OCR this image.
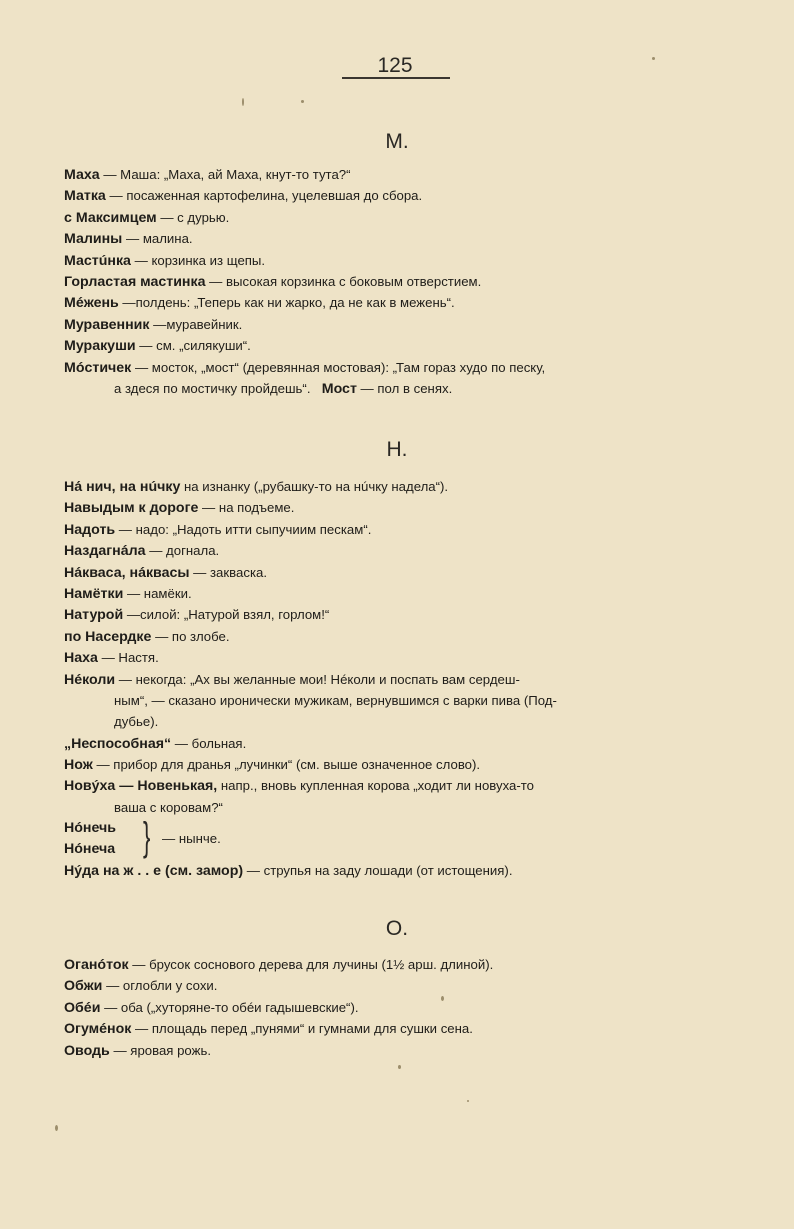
125
М.
Маха — Маша: „Маха, ай Маха, кнут-то тута?“
Матка — посаженная картофелина, уцелевшая до сбора.
с Максимцем — с дурью.
Малины — малина.
Мастúнка — корзинка из щепы.
Горластая мастинка — высокая корзинка с боковым отверстием.
Мéжень —полдень: „Теперь как ни жарко, да не как в межень“.
Муравенник —муравейник.
Муракуши — см. „силякуши“.
Мóстичек — мосток, „мост“ (деревянная мостовая): „Там гораз худо по песку,
а здеся по мостичку пройдешь“. Мост — пол в сенях.
Н.
На́ нич, на нúчку на изнанку („рубашку-то на нúчку надела“).
Навыдым к дороге — на подъеме.
Надоть — надо: „Надоть итти сыпучиим пескам“.
Наздагнáла — догнала.
Нáкваса, нáквасы — закваска.
Намётки — намёки.
Натурой —силой: „Натурой взял, горлом!“
по Насердке — по злобе.
Наха — Настя.
Нéколи — некогда: „Ах вы желанные мои! Нéколи и поспать вам сердеш-
ным“, — сказано иронически мужикам, вернувшимся с варки пива (Под-
дубье).
„Неспособная“ — больная.
Нож — прибор для дранья „лучинки“ (см. выше означенное слово).
Новýха — Новенькая, напр., вновь купленная корова „ходит ли новуха-то
ваша с коровам?“
Нóнечь
Нóнеча } — нынче.
Нýда на ж . . е (см. замор) — струпья на заду лошади (от истощения).
О.
Оганóток — брусок соснового дерева для лучины (1½ арш. длиной).
Обжи — оглобли у сохи.
Обéи — оба („хуторяне-то обéи гадышевские“).
Огумéнок — площадь перед „пунями“ и гумнами для сушки сена.
Оводь — яровая рожь.
